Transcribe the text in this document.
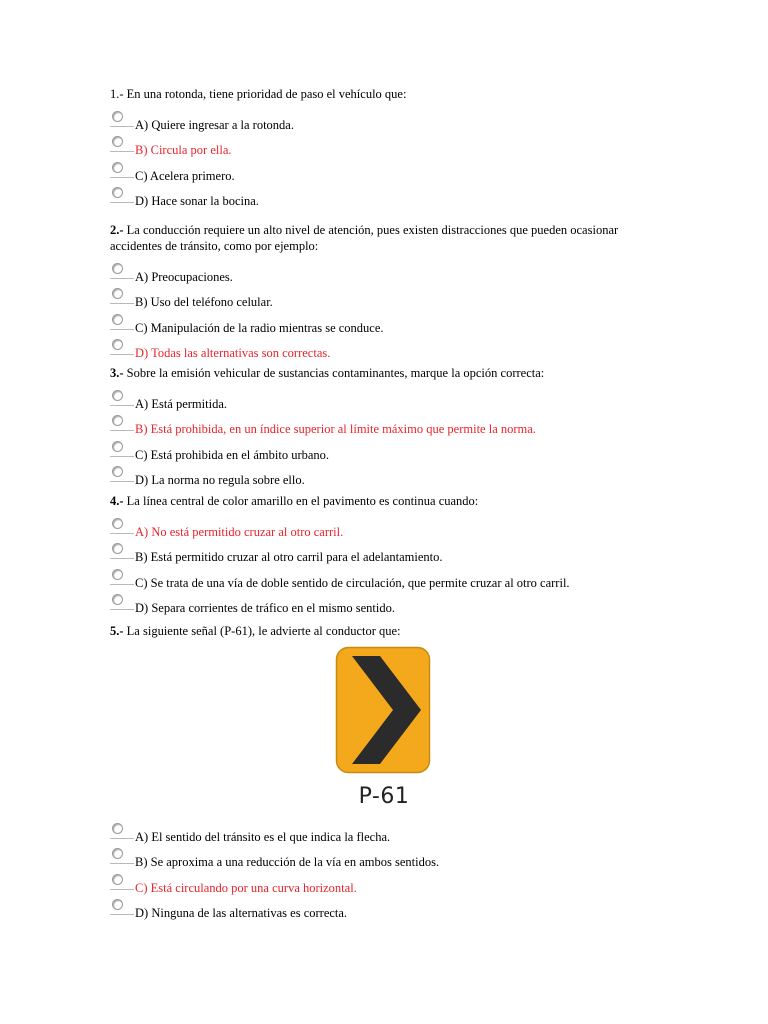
1.- En una rotonda, tiene prioridad de paso el vehículo que:

A) Quiere ingresar a la rotonda.
B) Circula por ella.
C) Acelera primero.
D) Hace sonar la bocina.

2.- La conducción requiere un alto nivel de atención, pues existen distracciones que pueden ocasionar accidentes de tránsito, como por ejemplo:

A) Preocupaciones.
B) Uso del teléfono celular.
C) Manipulación de la radio mientras se conduce.
D) Todas las alternativas son correctas.

3.- Sobre la emisión vehicular de sustancias contaminantes, marque la opción correcta:

A) Está permitida.
B) Está prohibida, en un índice superior al límite máximo que permite la norma.
C) Está prohibida en el ámbito urbano.
D) La norma no regula sobre ello.

4.- La línea central de color amarillo en el pavimento es continua cuando:

A) No está permitido cruzar al otro carril.
B) Está permitido cruzar al otro carril para el adelantamiento.
C) Se trata de una vía de doble sentido de circulación, que permite cruzar al otro carril.
D) Separa corrientes de tráfico en el mismo sentido.

5.- La siguiente señal (P-61), le advierte al conductor que:

P-61
A) El sentido del tránsito es el que indica la flecha.
B) Se aproxima a una reducción de la vía en ambos sentidos.
C) Está circulando por una curva horizontal.
D) Ninguna de las alternativas es correcta.
